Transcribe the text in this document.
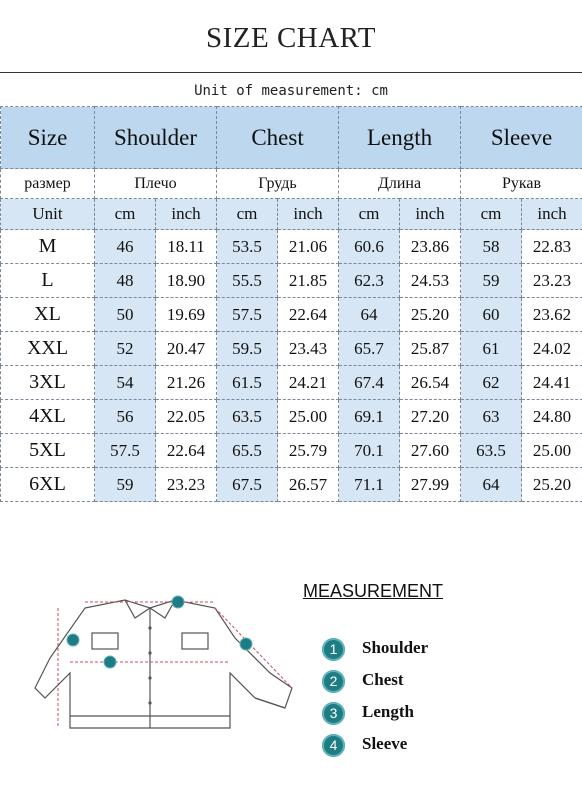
SIZE CHART
Unit of measurement: cm
Size	Shoulder		Chest		Length		Sleeve	
размер	Плечо		Грудь		Длина		Рукав	
Unit	cm	inch	cm	inch	cm	inch	cm	inch
M	46	18.11	53.5	21.06	60.6	23.86	58	22.83
L	48	18.90	55.5	21.85	62.3	24.53	59	23.23
XL	50	19.69	57.5	22.64	64	25.20	60	23.62
XXL	52	20.47	59.5	23.43	65.7	25.87	61	24.02
3XL	54	21.26	61.5	24.21	67.4	26.54	62	24.41
4XL	56	22.05	63.5	25.00	69.1	27.20	63	24.80
5XL	57.5	22.64	65.5	25.79	70.1	27.60	63.5	25.00
6XL	59	23.23	67.5	26.57	71.1	27.99	64	25.20
MEASUREMENT
1	Shoulder
2	Chest
3	Length
4	Sleeve
